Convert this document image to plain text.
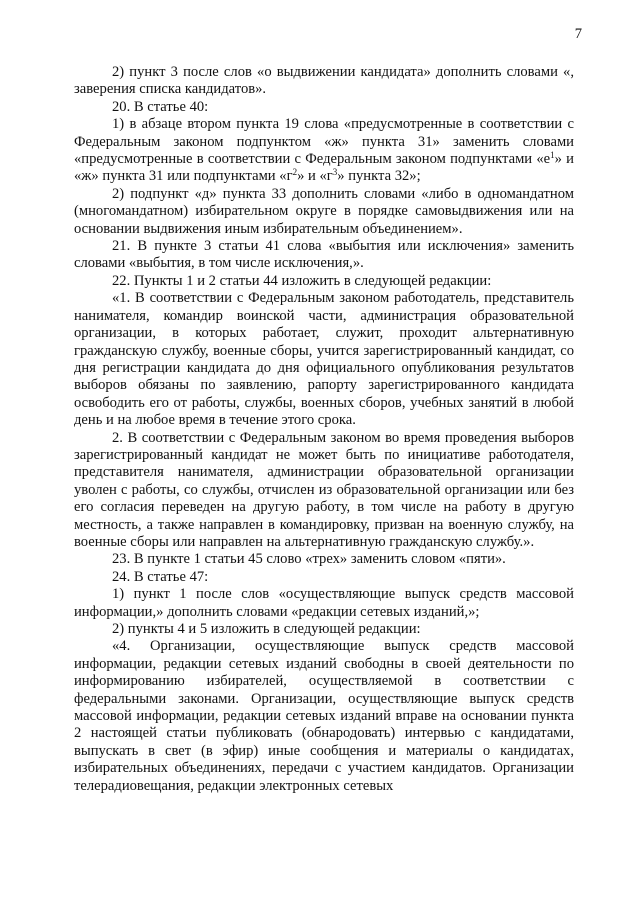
7

2) пункт 3 после слов «о выдвижении кандидата» дополнить словами «, заверения списка кандидатов».

20. В статье 40:

1) в абзаце втором пункта 19 слова «предусмотренные в соответствии с Федеральным законом подпунктом «ж» пункта 31» заменить словами «предусмотренные в соответствии с Федеральным законом подпунктами «$е^1$» и «ж» пункта 31 или подпунктами «$г^2$» и «$г^3$» пункта 32»;

2) подпункт «д» пункта 33 дополнить словами «либо в одномандатном (многомандатном) избирательном округе в порядке самовыдвижения или на основании выдвижения иным избирательным объединением».

21. В пункте 3 статьи 41 слова «выбытия или исключения» заменить словами «выбытия, в том числе исключения,».

22. Пункты 1 и 2 статьи 44 изложить в следующей редакции:

«1. В соответствии с Федеральным законом работодатель, представитель нанимателя, командир воинской части, администрация образовательной организации, в которых работает, служит, проходит альтернативную гражданскую службу, военные сборы, учится зарегистрированный кандидат, со дня регистрации кандидата до дня официального опубликования результатов выборов обязаны по заявлению, рапорту зарегистрированного кандидата освободить его от работы, службы, военных сборов, учебных занятий в любой день и на любое время в течение этого срока.

2. В соответствии с Федеральным законом во время проведения выборов зарегистрированный кандидат не может быть по инициативе работодателя, представителя нанимателя, администрации образовательной организации уволен с работы, со службы, отчислен из образовательной организации или без его согласия переведен на другую работу, в том числе на работу в другую местность, а также направлен в командировку, призван на военную службу, на военные сборы или направлен на альтернативную гражданскую службу.».

23. В пункте 1 статьи 45 слово «трех» заменить словом «пяти».

24. В статье 47:

1) пункт 1 после слов «осуществляющие выпуск средств массовой информации,» дополнить словами «редакции сетевых изданий,»;

2) пункты 4 и 5 изложить в следующей редакции:

«4. Организации, осуществляющие выпуск средств массовой информации, редакции сетевых изданий свободны в своей деятельности по информированию избирателей, осуществляемой в соответствии с федеральными законами. Организации, осуществляющие выпуск средств массовой информации, редакции сетевых изданий вправе на основании пункта 2 настоящей статьи публиковать (обнародовать) интервью с кандидатами, выпускать в свет (в эфир) иные сообщения и материалы о кандидатах, избирательных объединениях, передачи с участием кандидатов. Организации телерадиовещания, редакции электронных сетевых
